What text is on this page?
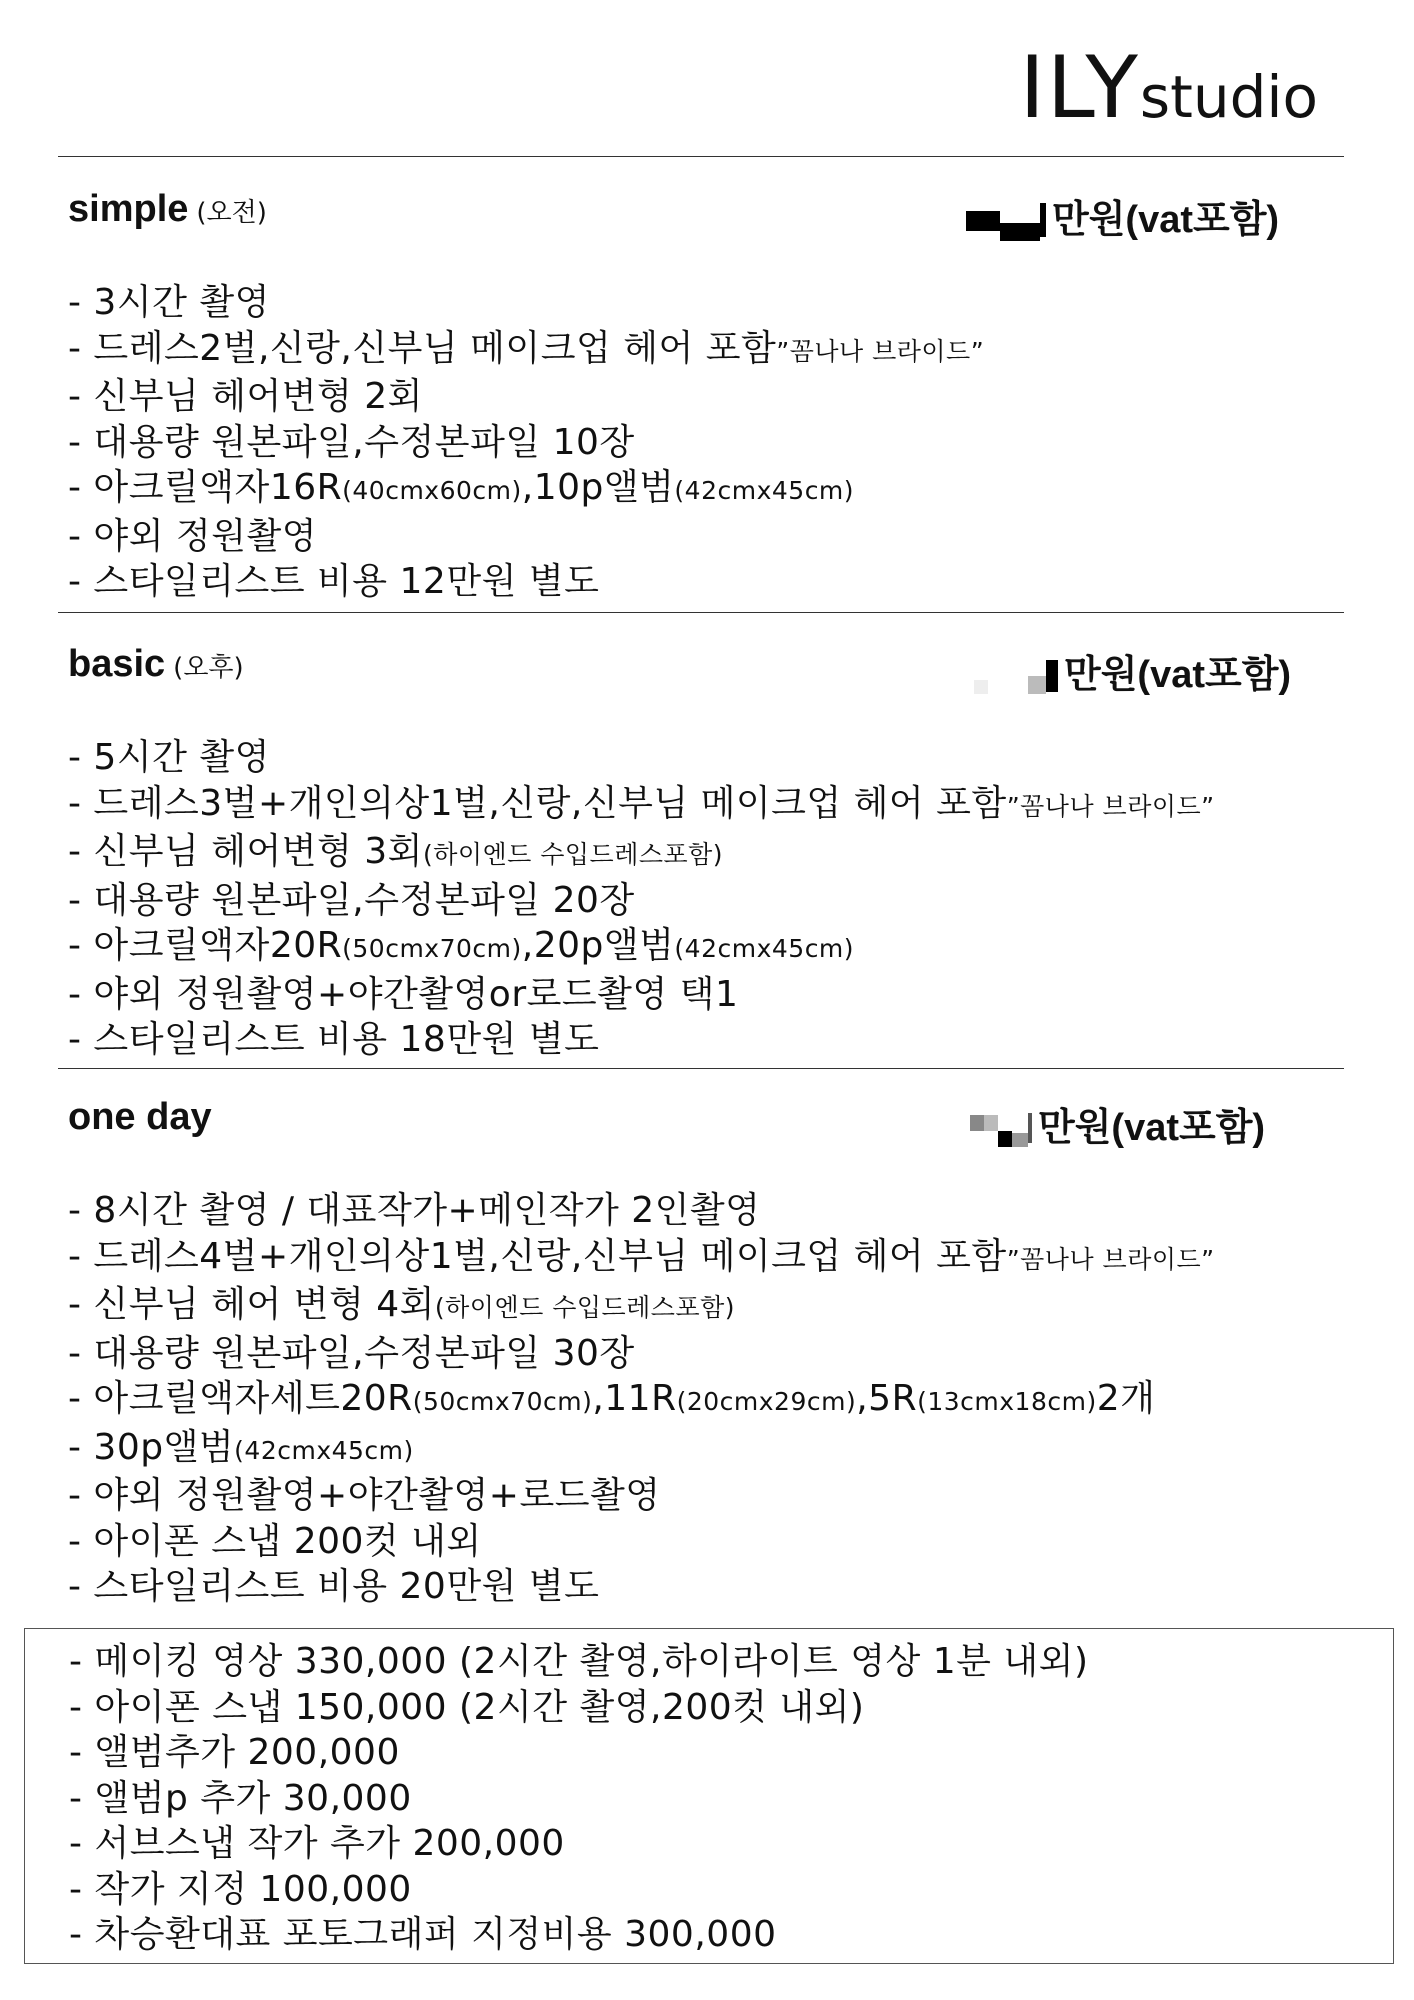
ILYstudio
simple (오전)	만원(vat포함)
- 3시간 촬영
- 드레스2벌,신랑,신부님 메이크업 헤어 포함”꼼나나 브라이드”
- 신부님 헤어변형 2회
- 대용량 원본파일,수정본파일 10장
- 아크릴액자16R(40cmx60cm),10p앨범(42cmx45cm)
- 야외 정원촬영
- 스타일리스트 비용 12만원 별도
basic (오후)	만원(vat포함)
- 5시간 촬영
- 드레스3벌+개인의상1벌,신랑,신부님 메이크업 헤어 포함”꼼나나 브라이드”
- 신부님 헤어변형 3회(하이엔드 수입드레스포함)
- 대용량 원본파일,수정본파일 20장
- 아크릴액자20R(50cmx70cm),20p앨범(42cmx45cm)
- 야외 정원촬영+야간촬영or로드촬영 택1
- 스타일리스트 비용 18만원 별도
one day	만원(vat포함)
- 8시간 촬영 / 대표작가+메인작가 2인촬영
- 드레스4벌+개인의상1벌,신랑,신부님 메이크업 헤어 포함”꼼나나 브라이드”
- 신부님 헤어 변형 4회(하이엔드 수입드레스포함)
- 대용량 원본파일,수정본파일 30장
- 아크릴액자세트20R(50cmx70cm),11R(20cmx29cm),5R(13cmx18cm)2개
- 30p앨범(42cmx45cm)
- 야외 정원촬영+야간촬영+로드촬영
- 아이폰 스냅 200컷 내외
- 스타일리스트 비용 20만원 별도
- 메이킹 영상 330,000 (2시간 촬영,하이라이트 영상 1분 내외)
- 아이폰 스냅 150,000 (2시간 촬영,200컷 내외)
- 앨범추가 200,000
- 앨범p 추가 30,000
- 서브스냅 작가 추가 200,000
- 작가 지정 100,000
- 차승환대표 포토그래퍼 지정비용 300,000
